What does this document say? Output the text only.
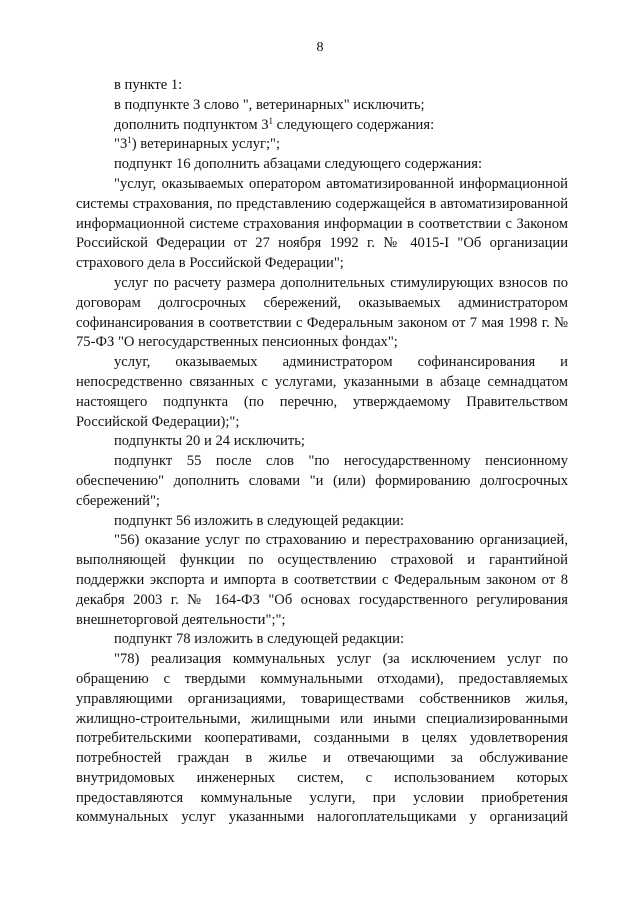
8

в пункте 1:

в подпункте 3 слово ", ветеринарных" исключить;

дополнить подпунктом $3^1$ следующего содержания:

"$3^1$) ветеринарных услуг;";

подпункт 16 дополнить абзацами следующего содержания:

"услуг, оказываемых оператором автоматизированной информационной системы страхования, по представлению содержащейся в автоматизированной информационной системе страхования информации в соответствии с Законом Российской Федерации от 27 ноября 1992 г. № 4015-I "Об организации страхового дела в Российской Федерации";

услуг по расчету размера дополнительных стимулирующих взносов по договорам долгосрочных сбережений, оказываемых администратором софинансирования в соответствии с Федеральным законом от 7 мая 1998 г. № 75-ФЗ "О негосударственных пенсионных фондах";

услуг, оказываемых администратором софинансирования и непосредственно связанных с услугами, указанными в абзаце семнадцатом настоящего подпункта (по перечню, утверждаемому Правительством Российской Федерации);";

подпункты 20 и 24 исключить;

подпункт 55 после слов "по негосударственному пенсионному обеспечению" дополнить словами "и (или) формированию долгосрочных сбережений";

подпункт 56 изложить в следующей редакции:

"56) оказание услуг по страхованию и перестрахованию организацией, выполняющей функции по осуществлению страховой и гарантийной поддержки экспорта и импорта в соответствии с Федеральным законом от 8 декабря 2003 г. № 164-ФЗ "Об основах государственного регулирования внешнеторговой деятельности";";

подпункт 78 изложить в следующей редакции:

"78) реализация коммунальных услуг (за исключением услуг по обращению с твердыми коммунальными отходами), предоставляемых управляющими организациями, товариществами собственников жилья, жилищно-строительными, жилищными или иными специализированными потребительскими кооперативами, созданными в целях удовлетворения потребностей граждан в жилье и отвечающими за обслуживание внутридомовых инженерных систем, с использованием которых предоставляются коммунальные услуги, при условии приобретения коммунальных услуг указанными налогоплательщиками у организаций
